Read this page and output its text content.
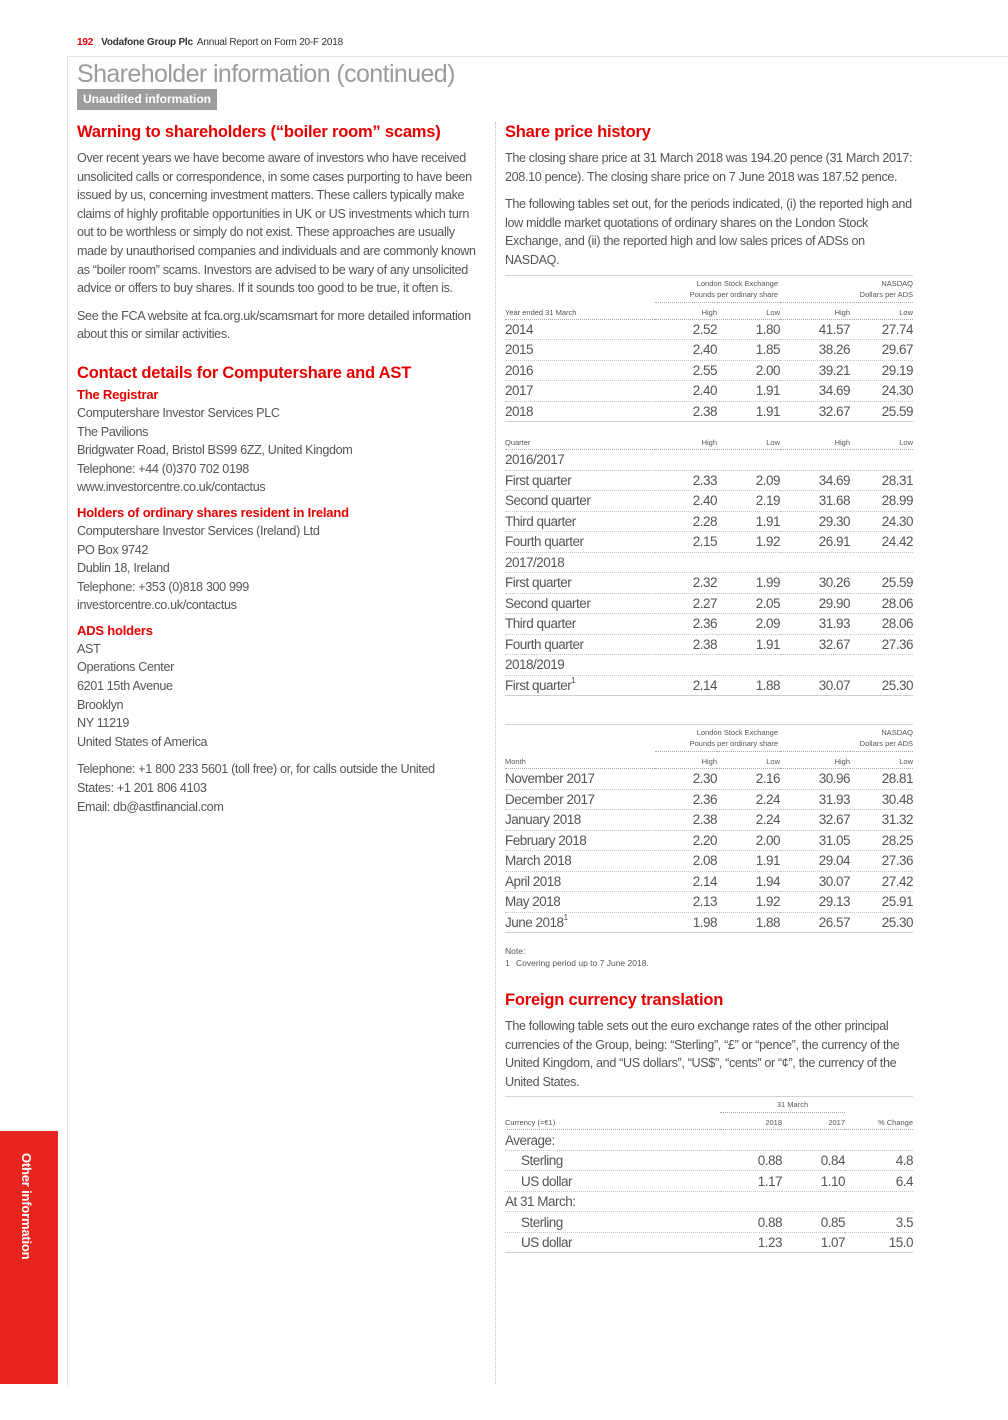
192 Vodafone Group Plc Annual Report on Form 20-F 2018
Shareholder information (continued)
Unaudited information
Warning to shareholders (“boiler room” scams)

Over recent years we have become aware of investors who have received unsolicited calls or correspondence, in some cases purporting to have been issued by us, concerning investment matters. These callers typically make claims of highly profitable opportunities in UK or US investments which turn out to be worthless or simply do not exist. These approaches are usually made by unauthorised companies and individuals and are commonly known as “boiler room” scams. Investors are advised to be wary of any unsolicited advice or offers to buy shares. If it sounds too good to be true, it often is.

See the FCA website at fca.org.uk/scamsmart for more detailed information about this or similar activities.

Contact details for Computershare and AST
The Registrar
Computershare Investor Services PLC
The Pavilions
Bridgwater Road, Bristol BS99 6ZZ, United Kingdom
Telephone: +44 (0)370 702 0198
www.investorcentre.co.uk/contactus
Holders of ordinary shares resident in Ireland
Computershare Investor Services (Ireland) Ltd
PO Box 9742
Dublin 18, Ireland
Telephone: +353 (0)818 300 999
investorcentre.co.uk/contactus
ADS holders
AST
Operations Center
6201 15th Avenue
Brooklyn
NY 11219
United States of America
Telephone: +1 800 233 5601 (toll free) or, for calls outside the United
States: +1 201 806 4103
Email: db@astfinancial.com
Share price history

The closing share price at 31 March 2018 was 194.20 pence (31 March 2017: 208.10 pence). The closing share price on 7 June 2018 was 187.52 pence.

The following tables set out, for the periods indicated, (i) the reported high and low middle market quotations of ordinary shares on the London Stock Exchange, and (ii) the reported high and low sales prices of ADSs on NASDAQ.

London Stock Exchange
Pounds per ordinary share

NASDAQ
Dollars per ADS

Year ended 31 March	High	Low	High	Low
2014	2.52	1.80	41.57	27.74
2015	2.40	1.85	38.26	29.67
2016	2.55	2.00	39.21	29.19
2017	2.40	1.91	34.69	24.30
2018	2.38	1.91	32.67	25.59
Quarter	High	Low	High	Low
2016/2017				
First quarter	2.33	2.09	34.69	28.31
Second quarter	2.40	2.19	31.68	28.99
Third quarter	2.28	1.91	29.30	24.30
Fourth quarter	2.15	1.92	26.91	24.42
2017/2018				
First quarter	2.32	1.99	30.26	25.59
Second quarter	2.27	2.05	29.90	28.06
Third quarter	2.36	2.09	31.93	28.06
Fourth quarter	2.38	1.91	32.67	27.36
2018/2019				
First quarter$^1$	2.14	1.88	30.07	25.30

London Stock Exchange
Pounds per ordinary share

NASDAQ
Dollars per ADS

Month	High	Low	High	Low
November 2017	2.30	2.16	30.96	28.81
December 2017	2.36	2.24	31.93	30.48
January 2018	2.38	2.24	32.67	31.32
February 2018	2.20	2.00	31.05	28.25
March 2018	2.08	1.91	29.04	27.36
April 2018	2.14	1.94	30.07	27.42
May 2018	2.13	1.92	29.13	25.91
June 2018$^1$	1.98	1.88	26.57	25.30
Note:
1 Covering period up to 7 June 2018.
Foreign currency translation

The following table sets out the euro exchange rates of the other principal currencies of the Group, being: “Sterling”, “£” or “pence”, the currency of the United Kingdom, and “US dollars”, “US$”, “cents” or “¢”, the currency of the United States.

	31 March		
Currency (=€1)	2018	2017	% Change
Average:			
Sterling	0.88	0.84	4.8
US dollar	1.17	1.10	6.4
At 31 March:			
Sterling	0.88	0.85	3.5
US dollar	1.23	1.07	15.0
Other information
